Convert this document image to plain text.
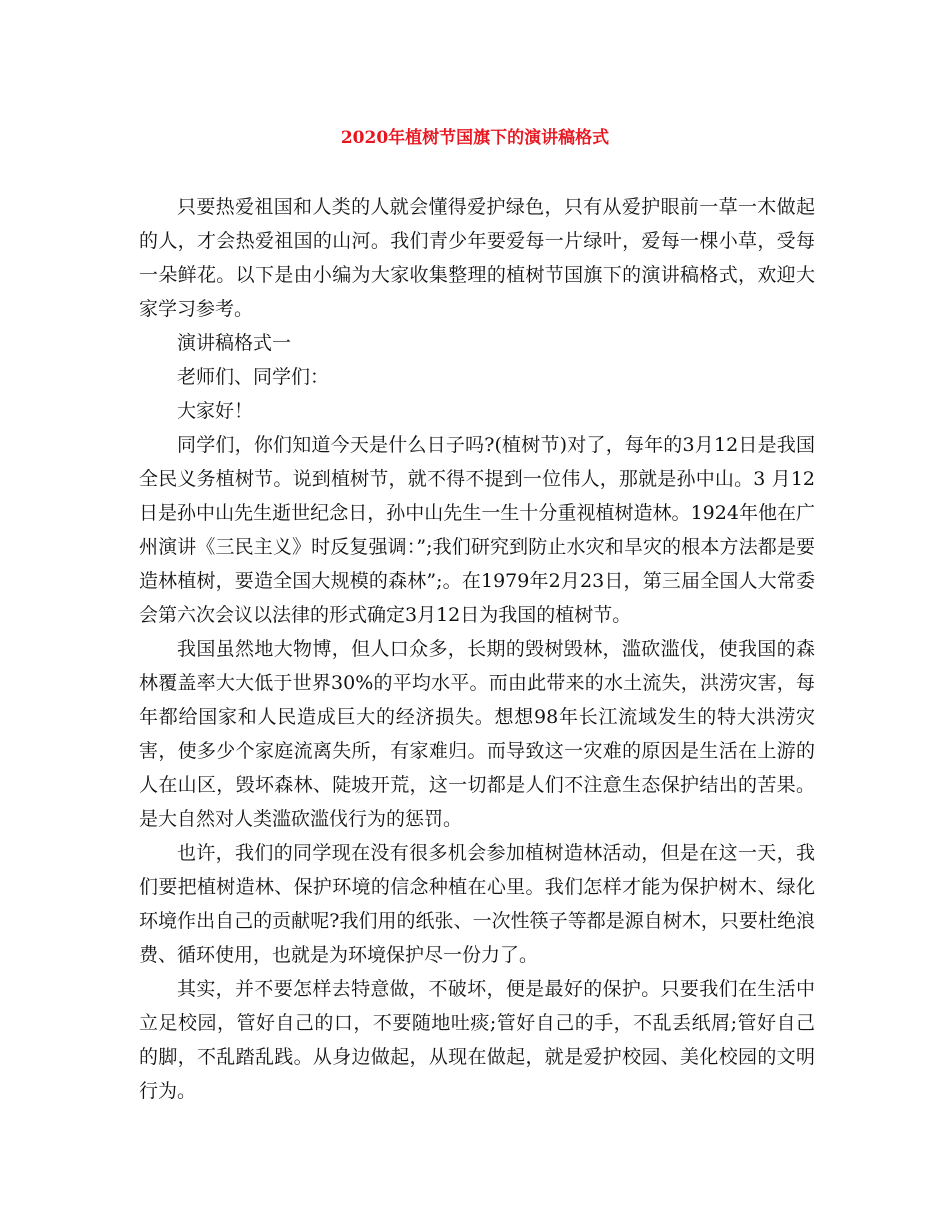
2020年植树节国旗下的演讲稿格式

只要热爱祖国和人类的人就会懂得爱护绿色，只有从爱护眼前一草一木做起的人，才会热爱祖国的山河。我们青少年要爱每一片绿叶，爱每一棵小草，受每一朵鲜花。以下是由小编为大家收集整理的植树节国旗下的演讲稿格式，欢迎大家学习参考。

演讲稿格式一

老师们、同学们：

大家好！

同学们，你们知道今天是什么日子吗?(植树节)对了，每年的3月12日是我国全民义务植树节。说到植树节，就不得不提到一位伟人，那就是孙中山。3 月12日是孙中山先生逝世纪念日，孙中山先生一生十分重视植树造林。1924年他在广州演讲《三民主义》时反复强调：”;我们研究到防止水灾和旱灾的根本方法都是要造林植树，要造全国大规模的森林”;。在1979年2月23日，第三届全国人大常委会第六次会议以法律的形式确定3月12日为我国的植树节。

我国虽然地大物博，但人口众多，长期的毁树毁林，滥砍滥伐，使我国的森林覆盖率大大低于世界30%的平均水平。而由此带来的水土流失，洪涝灾害，每年都给国家和人民造成巨大的经济损失。想想98年长江流域发生的特大洪涝灾害，使多少个家庭流离失所，有家难归。而导致这一灾难的原因是生活在上游的人在山区，毁坏森林、陡坡开荒，这一切都是人们不注意生态保护结出的苦果。是大自然对人类滥砍滥伐行为的惩罚。

也许，我们的同学现在没有很多机会参加植树造林活动，但是在这一天，我们要把植树造林、保护环境的信念种植在心里。我们怎样才能为保护树木、绿化环境作出自己的贡献呢?我们用的纸张、一次性筷子等都是源自树木，只要杜绝浪费、循环使用，也就是为环境保护尽一份力了。

其实，并不要怎样去特意做，不破坏，便是最好的保护。只要我们在生活中立足校园，管好自己的口，不要随地吐痰;管好自己的手，不乱丢纸屑;管好自己的脚，不乱踏乱践。从身边做起，从现在做起，就是爱护校园、美化校园的文明行为。
